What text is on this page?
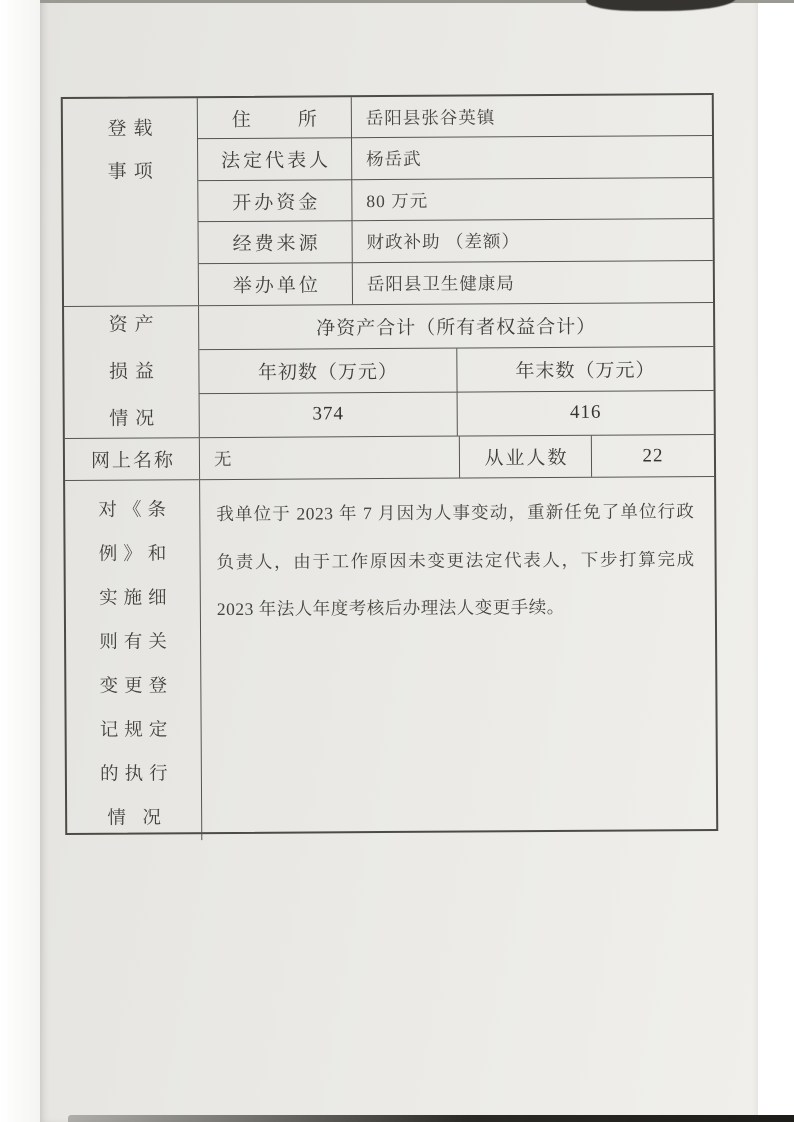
登载
事项
住　　所	岳阳县张谷英镇
法定代表人	杨岳武
开办资金	80 万元
经费来源	财政补助 （差额）
举办单位	岳阳县卫生健康局
资产
损益
情况
净资产合计（所有者权益合计）
年初数（万元）	年末数（万元）
374	416
网上名称	无	从业人数	22
对《条
例》和
实施细
则有关
变更登
记规定
的执行
情 况
我单位于 2023 年 7 月因为人事变动，重新任免了单位行政负责人，由于工作原因未变更法定代表人，下步打算完成 2023 年法人年度考核后办理法人变更手续。
